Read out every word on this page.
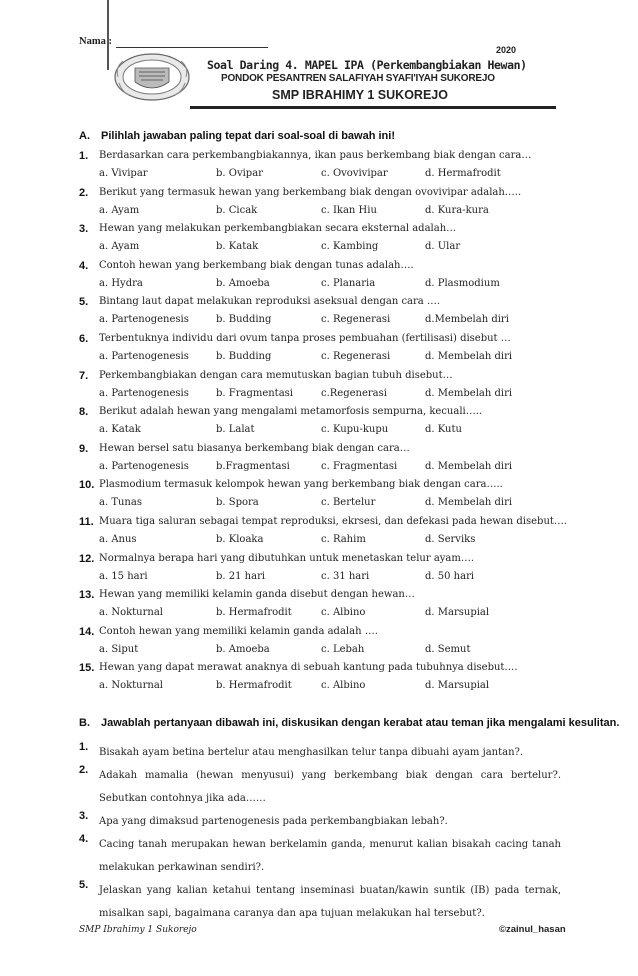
Nama :
2020
Soal Daring 4. MAPEL IPA (Perkembangbiakan Hewan)
PONDOK PESANTREN SALAFIYAH SYAFI'IYAH SUKOREJO
SMP IBRAHIMY 1 SUKOREJO
A. Pilihlah jawaban paling tepat dari soal-soal di bawah ini!
1. Berdasarkan cara perkembangbiakannya, ikan paus berkembang biak dengan cara…
a. Vivipar	b. Ovipar	c. Ovovivipar	d. Hermafrodit
2. Berikut yang termasuk hewan yang berkembang biak dengan ovovivipar adalah…..
a. Ayam	b. Cicak	c. Ikan Hiu	d. Kura-kura
3. Hewan yang melakukan perkembangbiakan secara eksternal adalah…
a. Ayam	b. Katak	c. Kambing	d. Ular
4. Contoh hewan yang berkembang biak dengan tunas adalah….
a. Hydra	b. Amoeba	c. Planaria	d. Plasmodium
5. Bintang laut dapat melakukan reproduksi aseksual dengan cara ….
a. Partenogenesis	b. Budding	c. Regenerasi	d.Membelah diri
6. Terbentuknya individu dari ovum tanpa proses pembuahan (fertilisasi) disebut …
a. Partenogenesis	b. Budding	c. Regenerasi	d. Membelah diri
7. Perkembangbiakan dengan cara memutuskan bagian tubuh disebut…
a. Partenogenesis	b. Fragmentasi	c.Regenerasi	d. Membelah diri
8. Berikut adalah hewan yang mengalami metamorfosis sempurna, kecuali…..
a. Katak	b. Lalat	c. Kupu-kupu	d. Kutu
9. Hewan bersel satu biasanya berkembang biak dengan cara…
a. Partenogenesis	b.Fragmentasi	c. Fragmentasi	d. Membelah diri
10. Plasmodium termasuk kelompok hewan yang berkembang biak dengan cara…..
a. Tunas	b. Spora	c. Bertelur	d. Membelah diri
11. Muara tiga saluran sebagai tempat reproduksi, ekrsesi, dan defekasi pada hewan disebut….
a. Anus	b. Kloaka	c. Rahim	d. Serviks
12. Normalnya berapa hari yang dibutuhkan untuk menetaskan telur ayam….
a. 15 hari	b. 21 hari	c. 31 hari	d. 50 hari
13. Hewan yang memiliki kelamin ganda disebut dengan hewan…
a. Nokturnal	b. Hermafrodit	c. Albino	d. Marsupial
14. Contoh hewan yang memiliki kelamin ganda adalah ….
a. Siput	b. Amoeba	c. Lebah	d. Semut
15. Hewan yang dapat merawat anaknya di sebuah kantung pada tubuhnya disebut….
a. Nokturnal	b. Hermafrodit	c. Albino	d. Marsupial
B. Jawablah pertanyaan dibawah ini, diskusikan dengan kerabat atau teman jika mengalami kesulitan.
1. Bisakah ayam betina bertelur atau menghasilkan telur tanpa dibuahi ayam jantan?.
2. Adakah mamalia (hewan menyusui) yang berkembang biak dengan cara bertelur?. Sebutkan contohnya jika ada……
3. Apa yang dimaksud partenogenesis pada perkembangbiakan lebah?.
4. Cacing tanah merupakan hewan berkelamin ganda, menurut kalian bisakah cacing tanah melakukan perkawinan sendiri?.
5. Jelaskan yang kalian ketahui tentang inseminasi buatan/kawin suntik (IB) pada ternak, misalkan sapi, bagaimana caranya dan apa tujuan melakukan hal tersebut?.
SMP Ibrahimy 1 Sukorejo	©zainul_hasan
